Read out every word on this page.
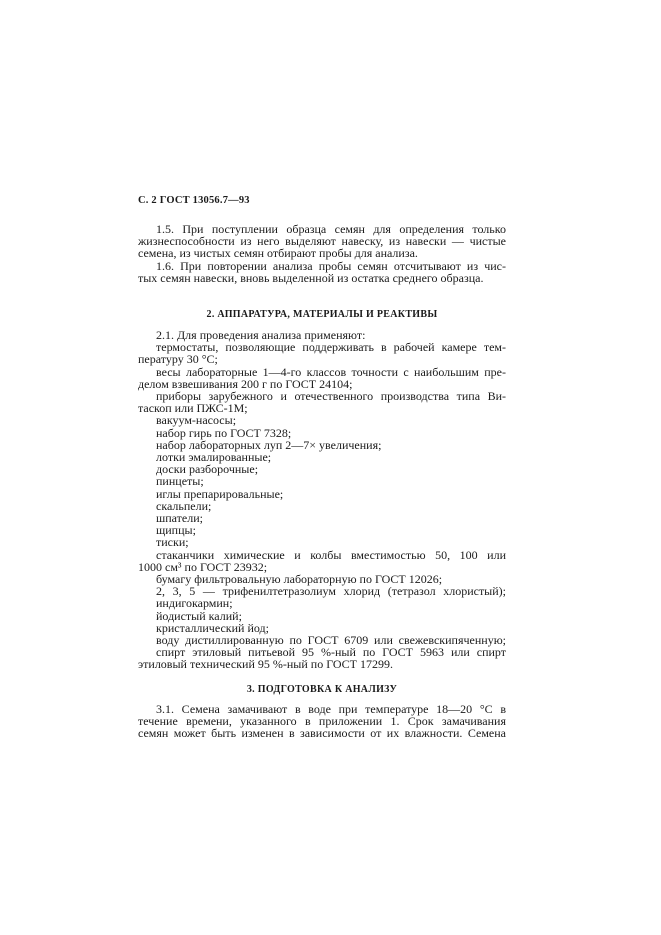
С. 2 ГОСТ 13056.7—93

1.5. При поступлении образца семян для определения только

жизнеспособности из него выделяют навеску, из навески — чистые

семена, из чистых семян отбирают пробы для анализа.

1.6. При повторении анализа пробы семян отсчитывают из чис-

тых семян навески, вновь выделенной из остатка среднего образца.

2. АППАРАТУРА, МАТЕРИАЛЫ И РЕАКТИВЫ

2.1. Для проведения анализа применяют:

термостаты, позволяющие поддерживать в рабочей камере тем-

пературу 30 °С;

весы лабораторные 1—4-го классов точности с наибольшим пре-

делом взвешивания 200 г по ГОСТ 24104;

приборы зарубежного и отечественного производства типа Ви-

таскоп или ПЖС-1М;

вакуум-насосы;

набор гирь по ГОСТ 7328;

набор лабораторных луп 2—7× увеличения;

лотки эмалированные;

доски разборочные;

пинцеты;

иглы препарировальные;

скальпели;

шпатели;

щипцы;

тиски;

стаканчики химические и колбы вместимостью 50, 100 или

1000 см³ по ГОСТ 23932;

бумагу фильтровальную лабораторную по ГОСТ 12026;

2, 3, 5 — трифенилтетразолиум хлорид (тетразол хлористый);

индигокармин;

йодистый калий;

кристаллический йод;

воду дистиллированную по ГОСТ 6709 или свежевскипяченную;

спирт этиловый питьевой 95 %-ный по ГОСТ 5963 или спирт

этиловый технический 95 %-ный по ГОСТ 17299.

3. ПОДГОТОВКА К АНАЛИЗУ

3.1. Семена замачивают в воде при температуре 18—20 °С в

течение времени, указанного в приложении 1. Срок замачивания

семян может быть изменен в зависимости от их влажности. Семена
